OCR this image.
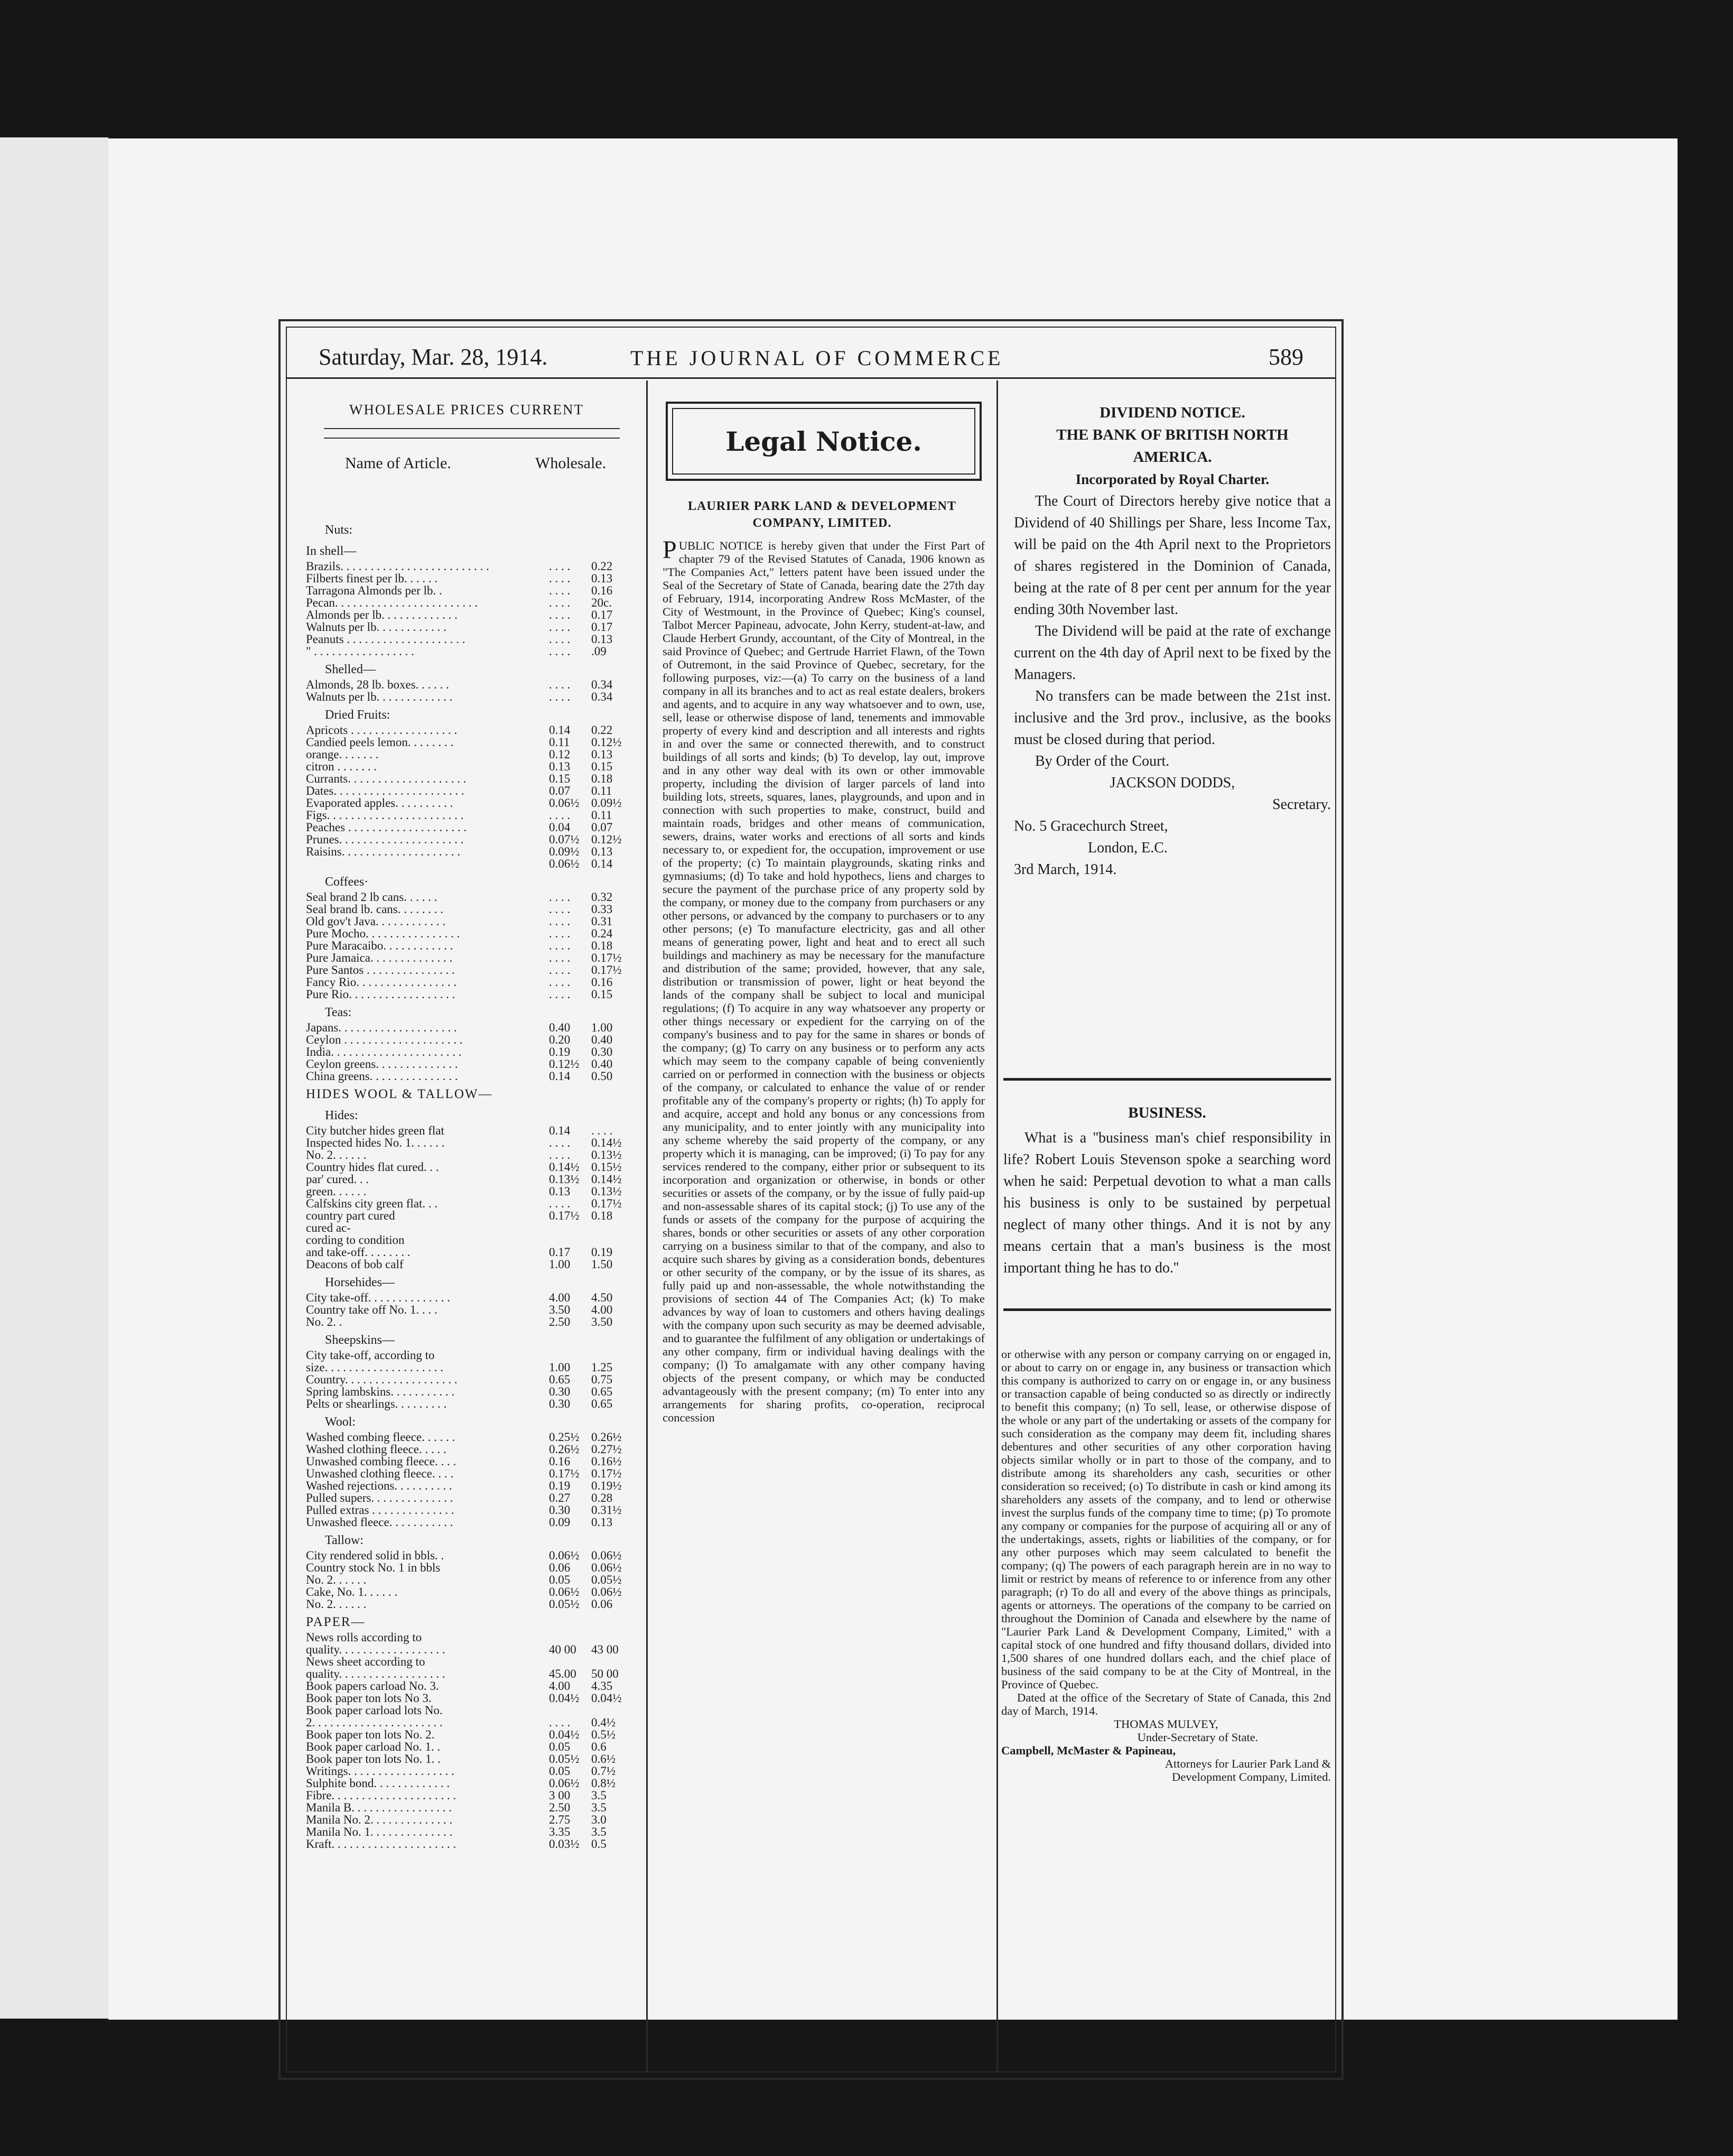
Saturday, Mar. 28, 1914.	THE JOURNAL OF COMMERCE	589
WHOLESALE PRICES CURRENT
Name of Article.	Wholesale.
Nuts:
In shell—
Brazils. . . . . . . . . . . . . . . . . . . . . . . . .	. . . .	0.22
Filberts finest per lb. . . . . .	. . . .	0.13
Tarragona Almonds per lb. .	. . . .	0.16
Pecan. . . . . . . . . . . . . . . . . . . . . . . .	. . . .	20c.
Almonds per lb. . . . . . . . . . . . .	. . . .	0.17
Walnuts per lb. . . . . . . . . . . .	. . . .	0.17
Peanuts . . . . . . . . . . . . . . . . . . . .	. . . .	0.13
" . . . . . . . . . . . . . . . . .	. . . .	.09
Shelled—
Almonds, 28 lb. boxes. . . . . .	. . . .	0.34
Walnuts per lb. . . . . . . . . . . . .	. . . .	0.34
Dried Fruits:
Apricots . . . . . . . . . . . . . . . . . .	0.14	0.22
Candied peels lemon. . . . . . . .	0.11	0.12½
orange. . . . . . .	0.12	0.13
citron . . . . . . .	0.13	0.15
Currants. . . . . . . . . . . . . . . . . . . .	0.15	0.18
Dates. . . . . . . . . . . . . . . . . . . . . .	0.07	0.11
Evaporated apples. . . . . . . . . .	0.06½ 0.09½
Figs. . . . . . . . . . . . . . . . . . . . . . .	. . . .	0.11
Peaches . . . . . . . . . . . . . . . . . . . .	0.04	0.07
Prunes. . . . . . . . . . . . . . . . . . . . .	0.07½ 0.12½
Raisins. . . . . . . . . . . . . . . . . . . .	0.09½ 0.13
0.06½ 0.14
Coffees·
Seal brand 2 lb cans. . . . . .	. . . .	0.32
Seal brand lb. cans. . . . . . . .	. . . .	0.33
Old gov't Java. . . . . . . . . . . .	. . . .	0.31
Pure Mocho. . . . . . . . . . . . . . . .	. . . .	0.24
Pure Maracaibo. . . . . . . . . . . .	. . . .	0.18
Pure Jamaica. . . . . . . . . . . . . .	. . . .	0.17½
Pure Santos . . . . . . . . . . . . . . .	. . . .	0.17½
Fancy Rio. . . . . . . . . . . . . . . . .	. . . .	0.16
Pure Rio. . . . . . . . . . . . . . . . . .	. . . .	0.15
Teas:
Japans. . . . . . . . . . . . . . . . . . . .	0.40	1.00
Ceylon . . . . . . . . . . . . . . . . . . . .	0.20	0.40
India. . . . . . . . . . . . . . . . . . . . . .	0.19	0.30
Ceylon greens. . . . . . . . . . . . . .	0.12½ 0.40
China greens. . . . . . . . . . . . . . .	0.14	0.50
HIDES WOOL & TALLOW—
Hides:
City butcher hides green flat	0.14	. . . .
Inspected hides No. 1. . . . . .	. . . .	0.14½
No. 2. . . . . .	. . . .	0.13½
Country hides flat cured. . .	0.14½ 0.15½
par' cured. . .	0.13½ 0.14½
green. . . . . .	0.13	0.13½
Calfskins city green flat. . .	. . . .	0.17½
country part cured	0.17½ 0.18
cured ac-
cording to condition
and take-off. . . . . . . .	0.17	0.19
Deacons of bob calf	1.00	1.50
Horsehides—
City take-off. . . . . . . . . . . . . .	4.00	4.50
Country take off No. 1. . . .	3.50	4.00
No. 2. .	2.50	3.50
Sheepskins—
City take-off, according to
size. . . . . . . . . . . . . . . . . . . .	1.00	1.25
Country. . . . . . . . . . . . . . . . . . .	0.65	0.75
Spring lambskins. . . . . . . . . . .	0.30	0.65
Pelts or shearlings. . . . . . . . .	0.30	0.65
Wool:
Washed combing fleece. . . . . .	0.25½ 0.26½
Washed clothing fleece. . . . .	0.26½ 0.27½
Unwashed combing fleece. . . .	0.16	0.16½
Unwashed clothing fleece. . . .	0.17½ 0.17½
Washed rejections. . . . . . . . . .	0.19	0.19½
Pulled supers. . . . . . . . . . . . . .	0.27	0.28
Pulled extras . . . . . . . . . . . . . .	0.30	0.31½
Unwashed fleece. . . . . . . . . . .	0.09	0.13
Tallow:
City rendered solid in bbls. .	0.06½ 0.06½
Country stock No. 1 in bbls	0.06	0.06½
No. 2. . . . . .	0.05	0.05½
Cake, No. 1. . . . . .	0.06½ 0.06½
No. 2. . . . . .	0.05½ 0.06
PAPER—
News rolls according to
quality. . . . . . . . . . . . . . . . . .	40 00	43 00
News sheet according to
quality. . . . . . . . . . . . . . . . . .	45.00	50 00
Book papers carload No. 3.	4.00	4.35
Book paper ton lots No 3.	0.04½ 0.04½
Book paper carload lots No.
2. . . . . . . . . . . . . . . . . . . . . .	. . . .	0.4½
Book paper ton lots No. 2.	0.04½ 0.5½
Book paper carload No. 1. .	0.05	0.6
Book paper ton lots No. 1. .	0.05½ 0.6½
Writings. . . . . . . . . . . . . . . . . .	0.05	0.7½
Sulphite bond. . . . . . . . . . . . .	0.06½ 0.8½
Fibre. . . . . . . . . . . . . . . . . . . . .	3 00	3.5
Manila B. . . . . . . . . . . . . . . . .	2.50	3.5
Manila No. 2. . . . . . . . . . . . . .	2.75	3.0
Manila No. 1. . . . . . . . . . . . . .	3.35	3.5
Kraft. . . . . . . . . . . . . . . . . . . . .	0.03½ 0.5
Legal Notice.
LAURIER PARK LAND & DEVELOPMENT COMPANY, LIMITED.
PUBLIC NOTICE is hereby given that under the First Part of chapter 79 of the Revised Statutes of Canada, 1906 known as "The Companies Act," letters patent have been issued under the Seal of the Secretary of State of Canada, bearing date the 27th day of February, 1914, incorporating Andrew Ross McMaster, of the City of Westmount, in the Province of Quebec; King's counsel, Talbot Mercer Papineau, advocate, John Kerry, student-at-law, and Claude Herbert Grundy, accountant, of the City of Montreal, in the said Province of Quebec; and Gertrude Harriet Flawn, of the Town of Outremont, in the said Province of Quebec, secretary, for the following purposes, viz:—(a) To carry on the business of a land company in all its branches and to act as real estate dealers, brokers and agents, and to acquire in any way whatsoever and to own, use, sell, lease or otherwise dispose of land, tenements and immovable property of every kind and description and all interests and rights in and over the same or connected therewith, and to construct buildings of all sorts and kinds; (b) To develop, lay out, improve and in any other way deal with its own or other immovable property, including the division of larger parcels of land into building lots, streets, squares, lanes, playgrounds, and upon and in connection with such properties to make, construct, build and maintain roads, bridges and other means of communication, sewers, drains, water works and erections of all sorts and kinds necessary to, or expedient for, the occupation, improvement or use of the property; (c) To maintain playgrounds, skating rinks and gymnasiums; (d) To take and hold hypothecs, liens and charges to secure the payment of the purchase price of any property sold by the company, or money due to the company from purchasers or any other persons, or advanced by the company to purchasers or to any other persons; (e) To manufacture electricity, gas and all other means of generating power, light and heat and to erect all such buildings and machinery as may be necessary for the manufacture and distribution of the same; provided, however, that any sale, distribution or transmission of power, light or heat beyond the lands of the company shall be subject to local and municipal regulations; (f) To acquire in any way whatsoever any property or other things necessary or expedient for the carrying on of the company's business and to pay for the same in shares or bonds of the company; (g) To carry on any business or to perform any acts which may seem to the company capable of being conveniently carried on or performed in connection with the business or objects of the company, or calculated to enhance the value of or render profitable any of the company's property or rights; (h) To apply for and acquire, accept and hold any bonus or any concessions from any municipality, and to enter jointly with any municipality into any scheme whereby the said property of the company, or any property which it is managing, can be improved; (i) To pay for any services rendered to the company, either prior or subsequent to its incorporation and organization or otherwise, in bonds or other securities or assets of the company, or by the issue of fully paid-up and non-assessable shares of its capital stock; (j) To use any of the funds or assets of the company for the purpose of acquiring the shares, bonds or other securities or assets of any other corporation carrying on a business similar to that of the company, and also to acquire such shares by giving as a consideration bonds, debentures or other security of the company, or by the issue of its shares, as fully paid up and non-assessable, the whole notwithstanding the provisions of section 44 of The Companies Act; (k) To make advances by way of loan to customers and others having dealings with the company upon such security as may be deemed advisable, and to guarantee the fulfilment of any obligation or undertakings of any other company, firm or individual having dealings with the company; (l) To amalgamate with any other company having objects of the present company, or which may be conducted advantageously with the present company; (m) To enter into any arrangements for sharing profits, co-operation, reciprocal concession
DIVIDEND NOTICE.
THE BANK OF BRITISH NORTH AMERICA.
Incorporated by Royal Charter.
The Court of Directors hereby give notice that a Dividend of 40 Shillings per Share, less Income Tax, will be paid on the 4th April next to the Proprietors of shares registered in the Dominion of Canada, being at the rate of 8 per cent per annum for the year ending 30th November last.
The Dividend will be paid at the rate of exchange current on the 4th day of April next to be fixed by the Managers.
No transfers can be made between the 21st inst. inclusive and the 3rd prov., inclusive, as the books must be closed during that period.
By Order of the Court.
JACKSON DODDS,
Secretary.
No. 5 Gracechurch Street,
London, E.C.
3rd March, 1914.
BUSINESS.
What is a ''business man's chief responsibility in life? Robert Louis Stevenson spoke a searching word when he said: Perpetual devotion to what a man calls his business is only to be sustained by perpetual neglect of many other things. And it is not by any means certain that a man's business is the most important thing he has to do.''
or otherwise with any person or company carrying on or engaged in, or about to carry on or engage in, any business or transaction which this company is authorized to carry on or engage in, or any business or transaction capable of being conducted so as directly or indirectly to benefit this company; (n) To sell, lease, or otherwise dispose of the whole or any part of the undertaking or assets of the company for such consideration as the company may deem fit, including shares debentures and other securities of any other corporation having objects similar wholly or in part to those of the company, and to distribute among its shareholders any cash, securities or other consideration so received; (o) To distribute in cash or kind among its shareholders any assets of the company, and to lend or otherwise invest the surplus funds of the company time to time; (p) To promote any company or companies for the purpose of acquiring all or any of the undertakings, assets, rights or liabilities of the company, or for any other purposes which may seem calculated to benefit the company; (q) The powers of each paragraph herein are in no way to limit or restrict by means of reference to or inference from any other paragraph; (r) To do all and every of the above things as principals, agents or attorneys. The operations of the company to be carried on throughout the Dominion of Canada and elsewhere by the name of "Laurier Park Land & Development Company, Limited," with a capital stock of one hundred and fifty thousand dollars, divided into 1,500 shares of one hundred dollars each, and the chief place of business of the said company to be at the City of Montreal, in the Province of Quebec.
Dated at the office of the Secretary of State of Canada, this 2nd day of March, 1914.
THOMAS MULVEY,
Under-Secretary of State.
Campbell, McMaster & Papineau,
Attorneys for Laurier Park Land &
Development Company, Limited.
